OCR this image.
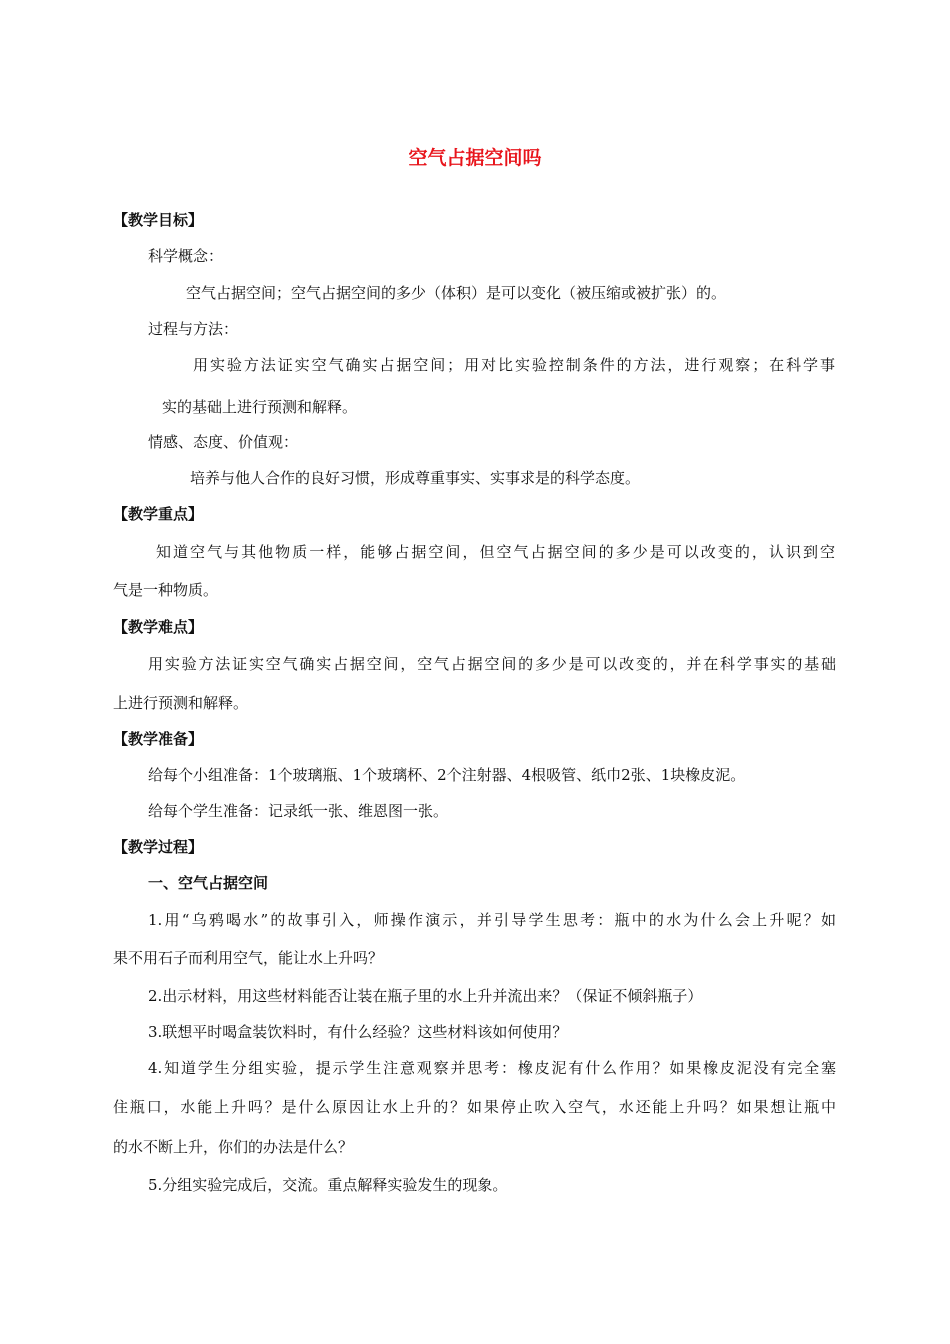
空气占据空间吗

【教学目标】

科学概念：

空气占据空间；空气占据空间的多少（体积）是可以变化（被压缩或被扩张）的。

过程与方法：

用实验方法证实空气确实占据空间；用对比实验控制条件的方法，进行观察；在科学事

实的基础上进行预测和解释。

情感、态度、价值观：

培养与他人合作的良好习惯，形成尊重事实、实事求是的科学态度。

【教学重点】

知道空气与其他物质一样，能够占据空间，但空气占据空间的多少是可以改变的，认识到空

气是一种物质。

【教学难点】

用实验方法证实空气确实占据空间，空气占据空间的多少是可以改变的，并在科学事实的基础

上进行预测和解释。

【教学准备】

给每个小组准备：1个玻璃瓶、1个玻璃杯、2个注射器、4根吸管、纸巾2张、1块橡皮泥。

给每个学生准备：记录纸一张、维恩图一张。

【教学过程】

一、空气占据空间

1.用“乌鸦喝水”的故事引入，师操作演示，并引导学生思考：瓶中的水为什么会上升呢？如

果不用石子而利用空气，能让水上升吗？

2.出示材料，用这些材料能否让装在瓶子里的水上升并流出来？（保证不倾斜瓶子）

3.联想平时喝盒装饮料时，有什么经验？这些材料该如何使用？

4.知道学生分组实验，提示学生注意观察并思考：橡皮泥有什么作用？如果橡皮泥没有完全塞

住瓶口，水能上升吗？是什么原因让水上升的？如果停止吹入空气，水还能上升吗？如果想让瓶中

的水不断上升，你们的办法是什么？

5.分组实验完成后，交流。重点解释实验发生的现象。
